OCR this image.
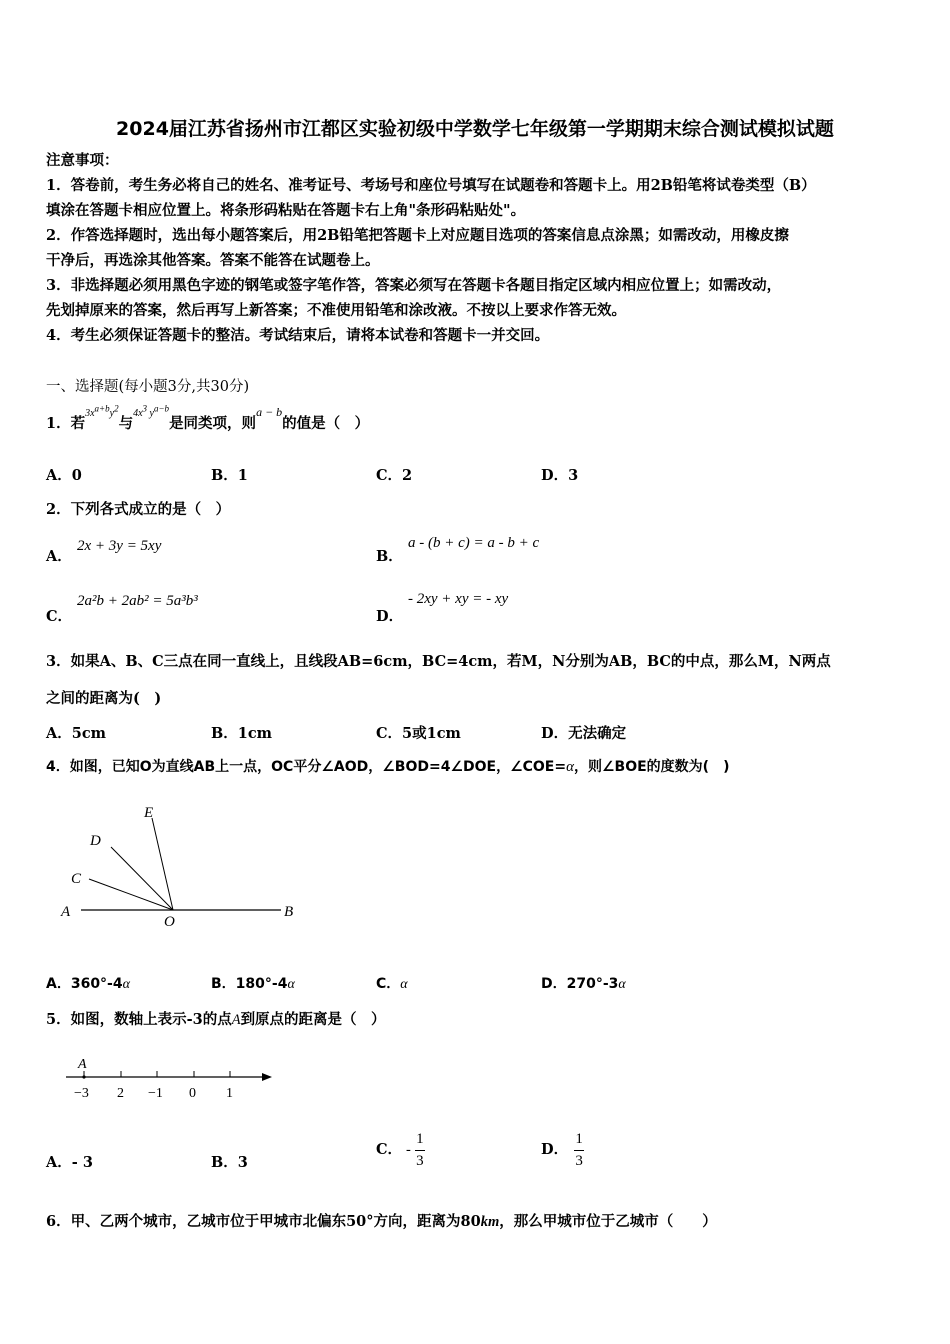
2024届江苏省扬州市江都区实验初级中学数学七年级第一学期期末综合测试模拟试题
注意事项：
1．答卷前，考生务必将自己的姓名、准考证号、考场号和座位号填写在试题卷和答题卡上。用2B铅笔将试卷类型（B）
填涂在答题卡相应位置上。将条形码粘贴在答题卡右上角"条形码粘贴处"。
2．作答选择题时，选出每小题答案后，用2B铅笔把答题卡上对应题目选项的答案信息点涂黑；如需改动，用橡皮擦
干净后，再选涂其他答案。答案不能答在试题卷上。
3．非选择题必须用黑色字迹的钢笔或签字笔作答，答案必须写在答题卡各题目指定区域内相应位置上；如需改动，
先划掉原来的答案，然后再写上新答案；不准使用铅笔和涂改液。不按以上要求作答无效。
4．考生必须保证答题卡的整洁。考试结束后，请将本试卷和答题卡一并交回。
一、选择题(每小题3分,共30分)
1．若$^{3x^{a+b}y^2}$与$^{4x^3 y^{a-b}}$是同类项，则$^{a - b}$的值是（　）
A．0	B．1	C．2	D．3
2．下列各式成立的是（　）
A．
2x + 3y = 5xy
B．
a - (b + c) = a - b + c
C．
2a²b + 2ab² = 5a³b³
D．
- 2xy + xy = - xy
3．如果A、B、C三点在同一直线上，且线段AB=6cm，BC=4cm，若M，N分别为AB，BC的中点，那么M，N两点
之间的距离为(　)
A．5cm	B．1cm	C．5或1cm	D．无法确定
4．如图，已知O为直线AB上一点，OC平分∠AOD，∠BOD=4∠DOE，∠COE=α，则∠BOE的度数为(　)
E
D
C
A
O
B
A．360°-4α	B．180°-4α	C．α	D．270°-3α
5．如图，数轴上表示-3的点A到原点的距离是（　）
A
−3 2 −1 0 1
A．- 3	B．3
C． - $\frac{1}{3}$	D． $\frac{1}{3}$
6．甲、乙两个城市，乙城市位于甲城市北偏东50°方向，距离为80km，那么甲城市位于乙城市（　　）
